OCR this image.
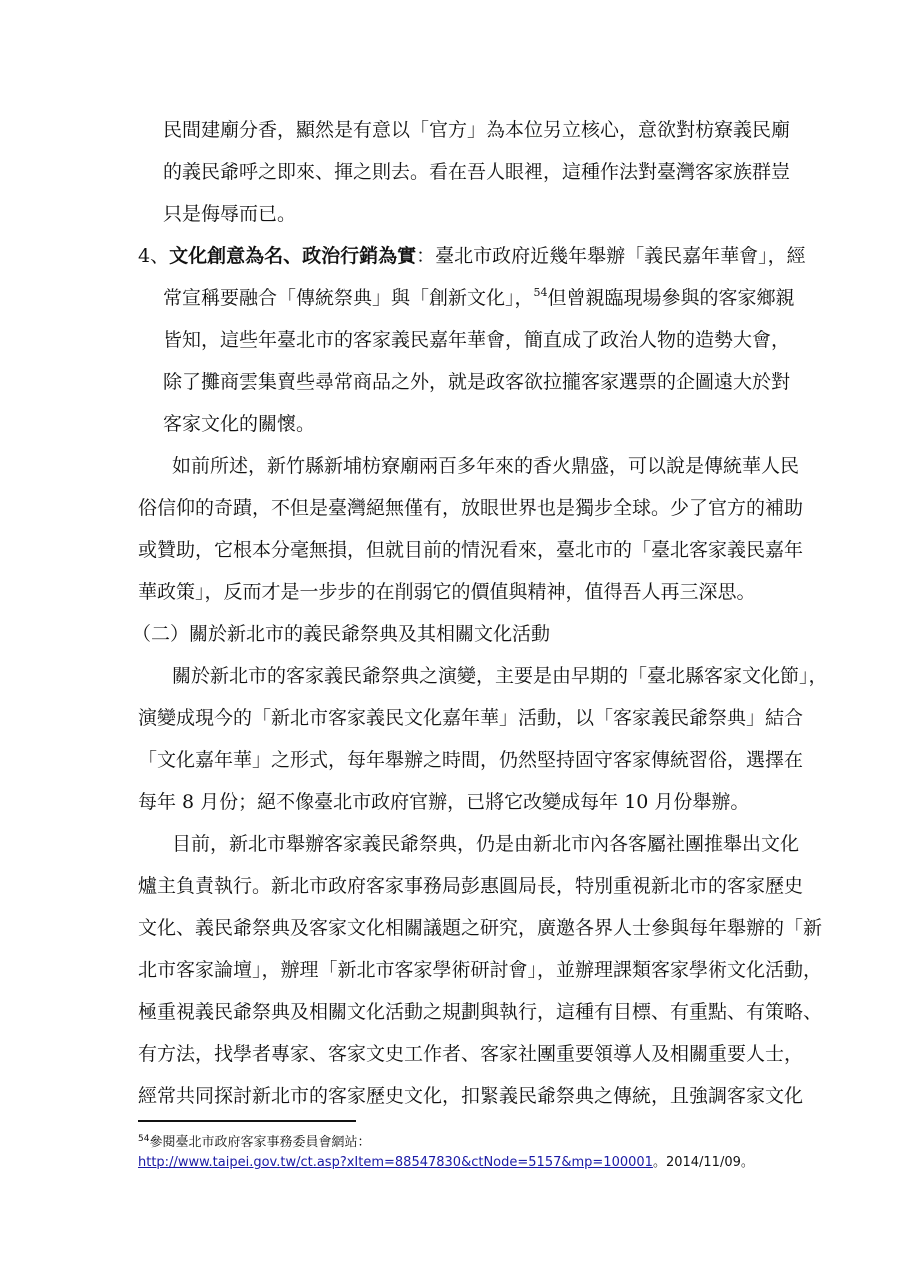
民間建廟分香，顯然是有意以「官方」為本位另立核心，意欲對枋寮義民廟
的義民爺呼之即來、揮之則去。看在吾人眼裡，這種作法對臺灣客家族群豈
只是侮辱而已。
4、文化創意為名、政治行銷為實：臺北市政府近幾年舉辦「義民嘉年華會」，經
常宣稱要融合「傳統祭典」與「創新文化」，$^{54}$但曾親臨現場參與的客家鄉親
皆知，這些年臺北市的客家義民嘉年華會，簡直成了政治人物的造勢大會，
除了攤商雲集賣些尋常商品之外，就是政客欲拉攏客家選票的企圖遠大於對
客家文化的關懷。
如前所述，新竹縣新埔枋寮廟兩百多年來的香火鼎盛，可以說是傳統華人民
俗信仰的奇蹟，不但是臺灣絕無僅有，放眼世界也是獨步全球。少了官方的補助
或贊助，它根本分毫無損，但就目前的情況看來，臺北市的「臺北客家義民嘉年
華政策」，反而才是一步步的在削弱它的價值與精神，值得吾人再三深思。
（二）關於新北市的義民爺祭典及其相關文化活動
關於新北市的客家義民爺祭典之演變，主要是由早期的「臺北縣客家文化節」，
演變成現今的「新北市客家義民文化嘉年華」活動，以「客家義民爺祭典」結合
「文化嘉年華」之形式，每年舉辦之時間，仍然堅持固守客家傳統習俗，選擇在
每年 8 月份；絕不像臺北市政府官辦，已將它改變成每年 10 月份舉辦。
目前，新北市舉辦客家義民爺祭典，仍是由新北市內各客屬社團推舉出文化
爐主負責執行。新北市政府客家事務局彭惠圓局長，特別重視新北市的客家歷史
文化、義民爺祭典及客家文化相關議題之研究，廣邀各界人士參與每年舉辦的「新
北市客家論壇」，辦理「新北市客家學術研討會」，並辦理課類客家學術文化活動，
極重視義民爺祭典及相關文化活動之規劃與執行，這種有目標、有重點、有策略、
有方法，找學者專家、客家文史工作者、客家社團重要領導人及相關重要人士，
經常共同探討新北市的客家歷史文化，扣緊義民爺祭典之傳統，且強調客家文化
$^{54}$參閱臺北市政府客家事務委員會網站：
http://www.taipei.gov.tw/ct.asp?xItem=88547830&ctNode=5157&mp=100001。2014/11/09。
